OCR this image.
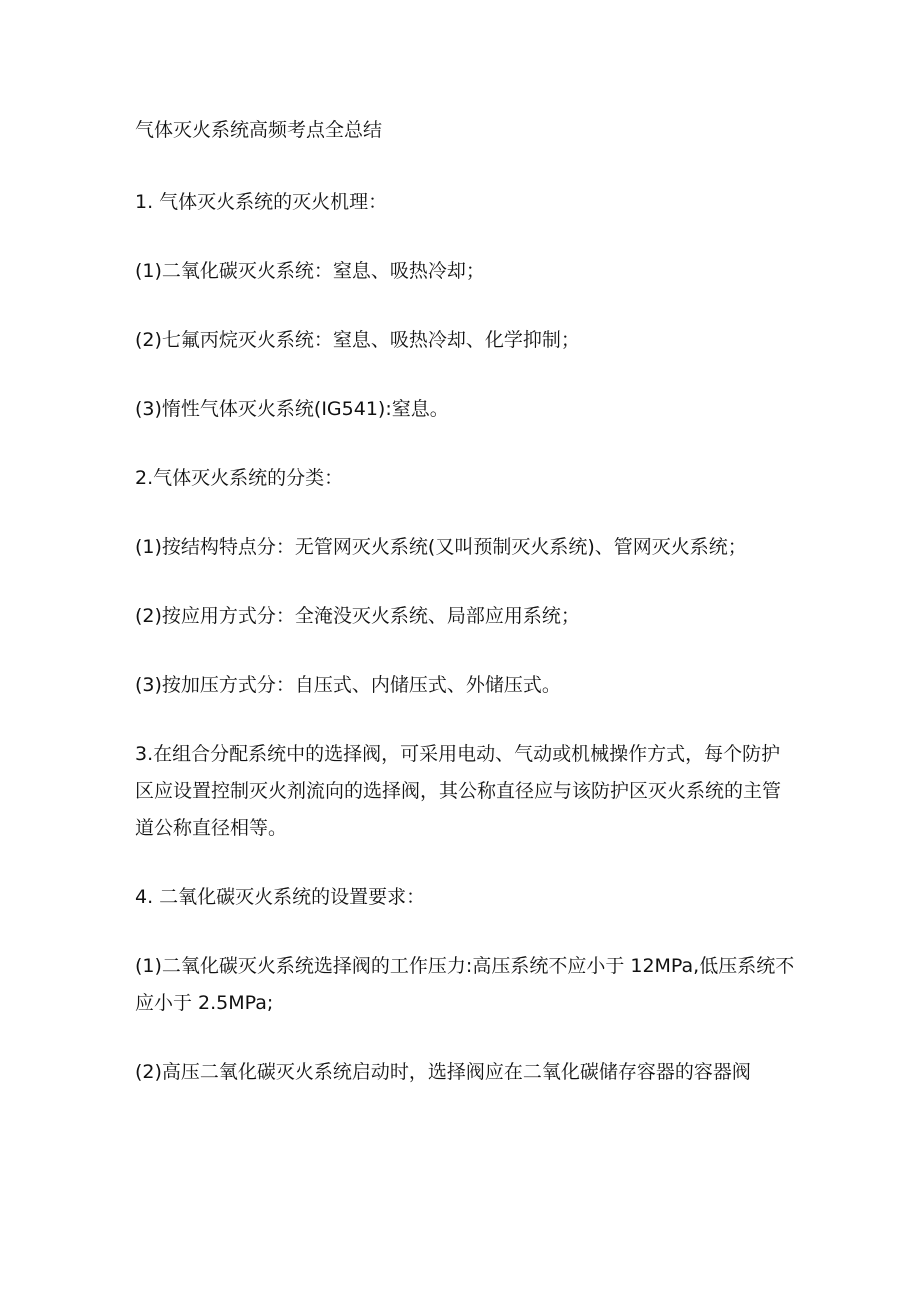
气体灭火系统高频考点全总结

1. 气体灭火系统的灭火机理：

(1)二氧化碳灭火系统：窒息、吸热冷却；

(2)七氟丙烷灭火系统：窒息、吸热冷却、化学抑制；

(3)惰性气体灭火系统(IG541):窒息。

2.气体灭火系统的分类：

(1)按结构特点分：无管网灭火系统(又叫预制灭火系统)、管网灭火系统；

(2)按应用方式分：全淹没灭火系统、局部应用系统；

(3)按加压方式分：自压式、内储压式、外储压式。

3.在组合分配系统中的选择阀，可采用电动、气动或机械操作方式，每个防护区应设置控制灭火剂流向的选择阀，其公称直径应与该防护区灭火系统的主管道公称直径相等。

4. 二氧化碳灭火系统的设置要求：

(1)二氧化碳灭火系统选择阀的工作压力:高压系统不应小于 12MPa,低压系统不应小于 2.5MPa;

(2)高压二氧化碳灭火系统启动时，选择阀应在二氧化碳储存容器的容器阀
